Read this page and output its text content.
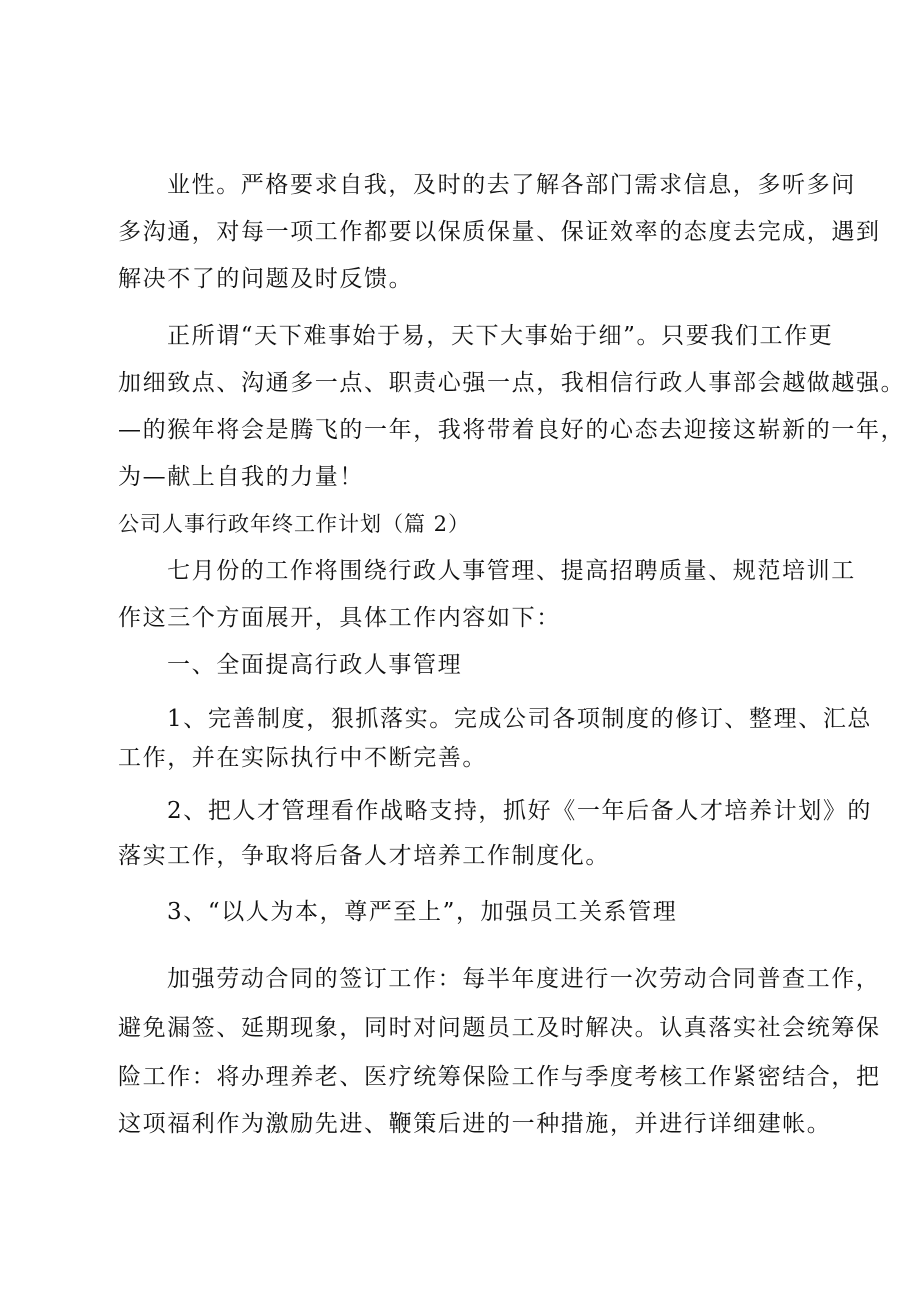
业性。严格要求自我，及时的去了解各部门需求信息，多听多问
多沟通，对每一项工作都要以保质保量、保证效率的态度去完成，遇到
解决不了的问题及时反馈。
正所谓“天下难事始于易，天下大事始于细”。只要我们工作更
加细致点、沟通多一点、职责心强一点，我相信行政人事部会越做越强。
—的猴年将会是腾飞的一年，我将带着良好的心态去迎接这崭新的一年，
为—献上自我的力量！
公司人事行政年终工作计划（篇 2）
七月份的工作将围绕行政人事管理、提高招聘质量、规范培训工
作这三个方面展开，具体工作内容如下：
一、全面提高行政人事管理
1、完善制度，狠抓落实。完成公司各项制度的修订、整理、汇总
工作，并在实际执行中不断完善。
2、把人才管理看作战略支持，抓好《一年后备人才培养计划》的
落实工作，争取将后备人才培养工作制度化。
3、“以人为本，尊严至上”，加强员工关系管理
加强劳动合同的签订工作：每半年度进行一次劳动合同普查工作，
避免漏签、延期现象，同时对问题员工及时解决。认真落实社会统筹保
险工作：将办理养老、医疗统筹保险工作与季度考核工作紧密结合，把
这项福利作为激励先进、鞭策后进的一种措施，并进行详细建帐。
